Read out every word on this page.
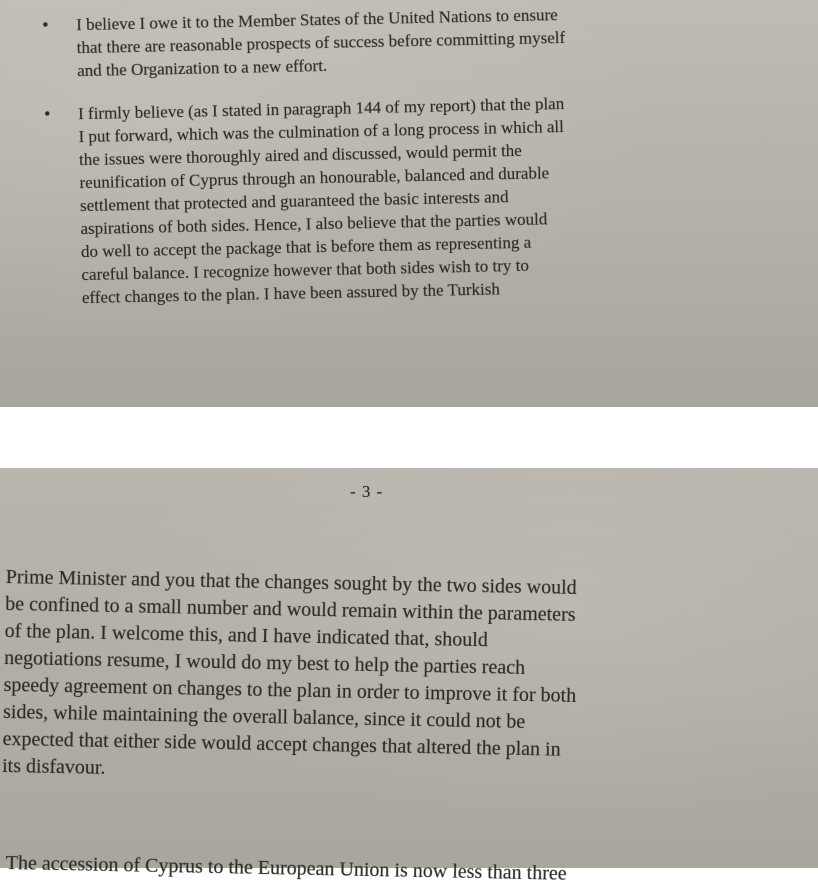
• I believe I owe it to the Member States of the United Nations to ensure
that there are reasonable prospects of success before committing myself
and the Organization to a new effort.
• I firmly believe (as I stated in paragraph 144 of my report) that the plan
I put forward, which was the culmination of a long process in which all
the issues were thoroughly aired and discussed, would permit the
reunification of Cyprus through an honourable, balanced and durable
settlement that protected and guaranteed the basic interests and
aspirations of both sides. Hence, I also believe that the parties would
do well to accept the package that is before them as representing a
careful balance. I recognize however that both sides wish to try to
effect changes to the plan. I have been assured by the Turkish
- 3 -
Prime Minister and you that the changes sought by the two sides would
be confined to a small number and would remain within the parameters
of the plan. I welcome this, and I have indicated that, should
negotiations resume, I would do my best to help the parties reach
speedy agreement on changes to the plan in order to improve it for both
sides, while maintaining the overall balance, since it could not be
expected that either side would accept changes that altered the plan in
its disfavour.
The accession of Cyprus to the European Union is now less than three
